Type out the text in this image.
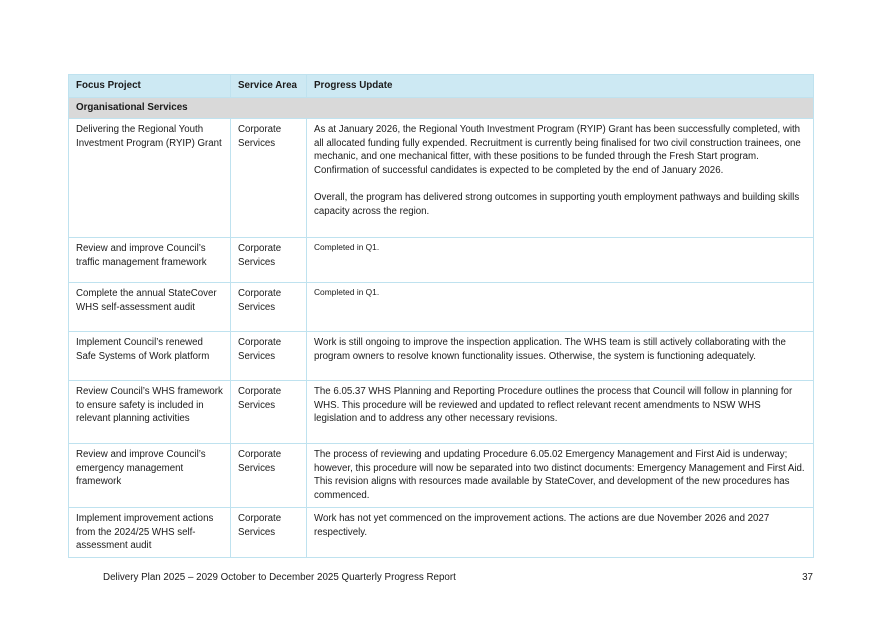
Focus Project	Service Area	Progress Update
Organisational Services		
Delivering the Regional Youth Investment Program (RYIP) Grant	Corporate Services	As at January 2026, the Regional Youth Investment Program (RYIP) Grant has been successfully completed, with all allocated funding fully expended. Recruitment is currently being finalised for two civil construction trainees, one mechanic, and one mechanical fitter, with these positions to be funded through the Fresh Start program. Confirmation of successful candidates is expected to be completed by the end of January 2026.

Overall, the program has delivered strong outcomes in supporting youth employment pathways and building skills capacity across the region.

Review and improve Council’s traffic management framework	Corporate Services	Completed in Q1.

Complete the annual StateCover WHS self-assessment audit	Corporate Services	Completed in Q1.

Implement Council’s renewed Safe Systems of Work platform	Corporate Services	Work is still ongoing to improve the inspection application. The WHS team is still actively collaborating with the program owners to resolve known functionality issues. Otherwise, the system is functioning adequately.

Review Council’s WHS framework to ensure safety is included in relevant planning activities	Corporate Services	The 6.05.37 WHS Planning and Reporting Procedure outlines the process that Council will follow in planning for WHS. This procedure will be reviewed and updated to reflect relevant recent amendments to NSW WHS legislation and to address any other necessary revisions.

Review and improve Council’s emergency management framework	Corporate Services	The process of reviewing and updating Procedure 6.05.02 Emergency Management and First Aid is underway; however, this procedure will now be separated into two distinct documents: Emergency Management and First Aid. This revision aligns with resources made available by StateCover, and development of the new procedures has commenced.

Implement improvement actions from the 2024/25 WHS self-assessment audit	Corporate Services	Work has not yet commenced on the improvement actions. The actions are due November 2026 and 2027 respectively.

Delivery Plan 2025 – 2029 October to December 2025 Quarterly Progress Report	37
